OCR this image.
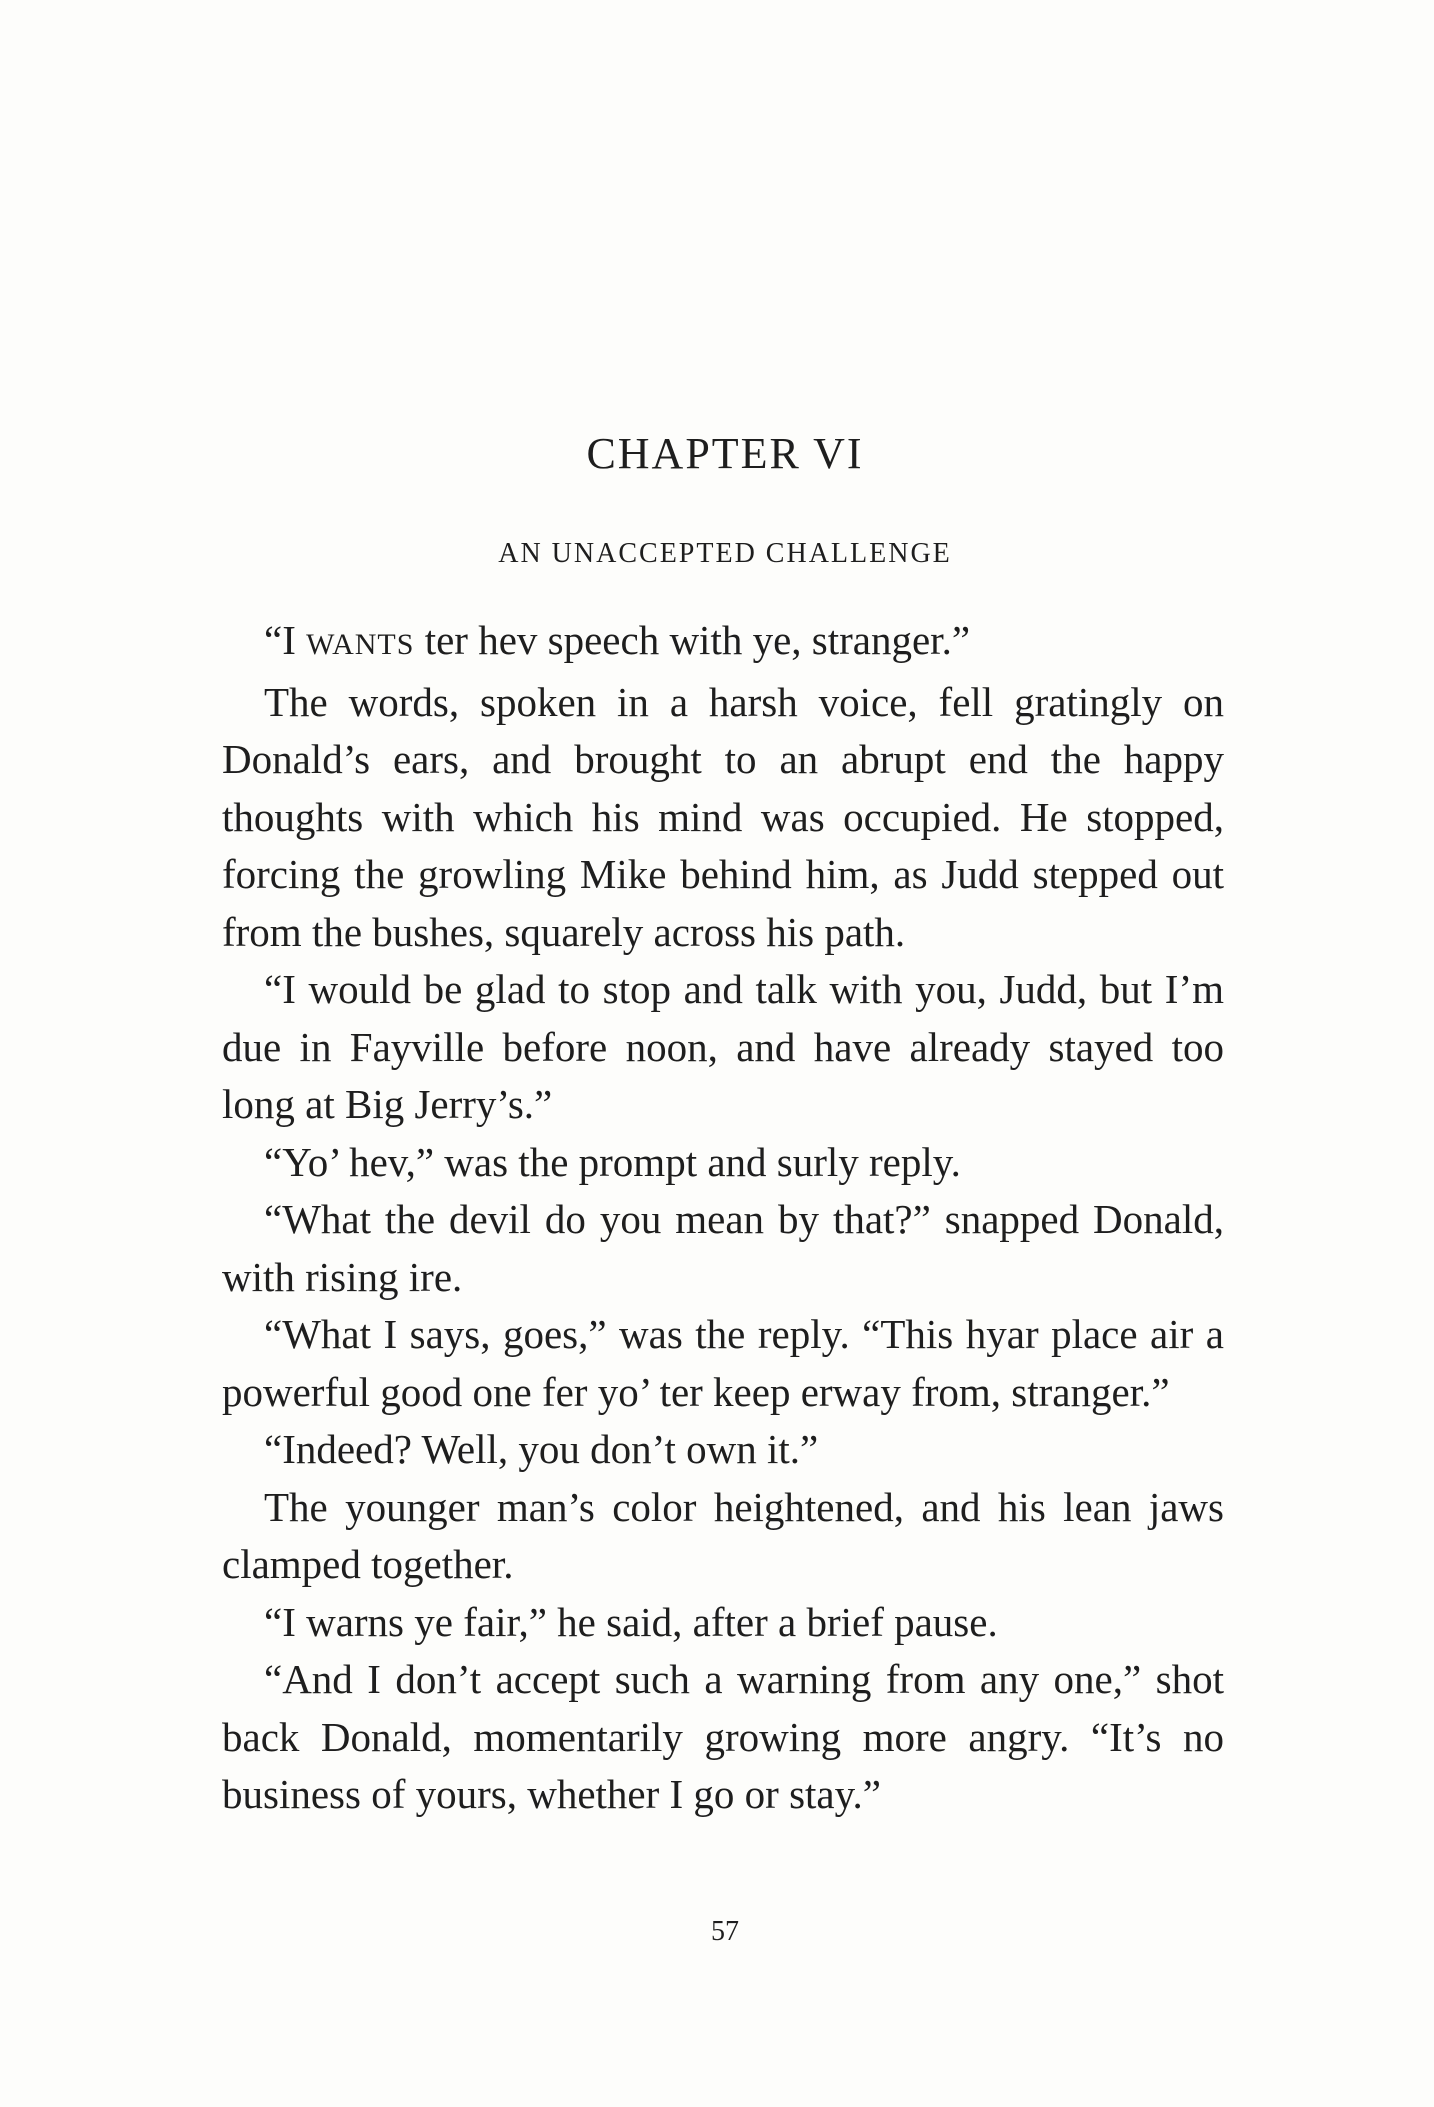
CHAPTER VI
AN UNACCEPTED CHALLENGE

“I WANTS ter hev speech with ye, stranger.”

The words, spoken in a harsh voice, fell gratingly on Donald’s ears, and brought to an abrupt end the happy thoughts with which his mind was occupied. He stopped, forcing the growling Mike behind him, as Judd stepped out from the bushes, squarely across his path.

“I would be glad to stop and talk with you, Judd, but I’m due in Fayville before noon, and have already stayed too long at Big Jerry’s.”

“Yo’ hev,” was the prompt and surly reply.

“What the devil do you mean by that?” snapped Donald, with rising ire.

“What I says, goes,” was the reply. “This hyar place air a powerful good one fer yo’ ter keep erway from, stranger.”

“Indeed? Well, you don’t own it.”

The younger man’s color heightened, and his lean jaws clamped together.

“I warns ye fair,” he said, after a brief pause.

“And I don’t accept such a warning from any one,” shot back Donald, momentarily growing more angry. “It’s no business of yours, whether I go or stay.”

57
